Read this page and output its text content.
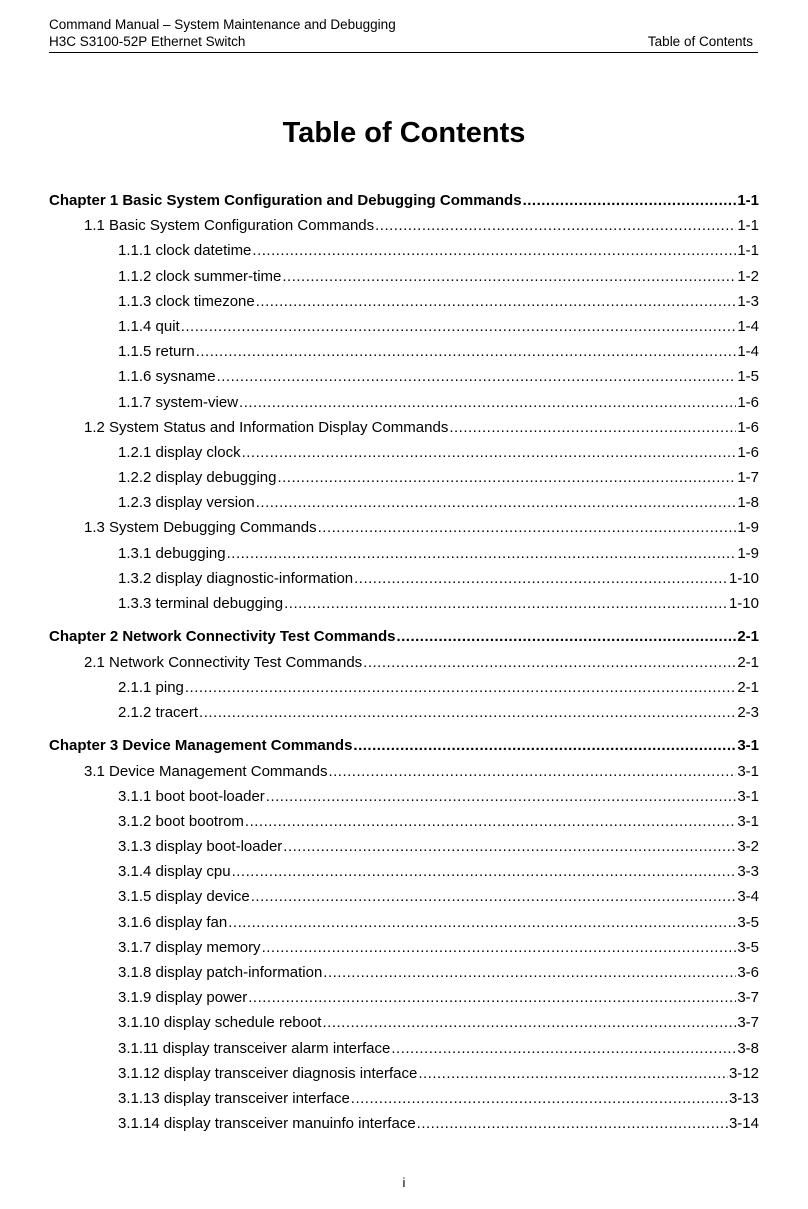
Command Manual – System Maintenance and Debugging
H3C S3100-52P Ethernet Switch	Table of Contents
Table of Contents
Chapter 1 Basic System Configuration and Debugging Commands .....	1-1
1.1 Basic System Configuration Commands .....	1-1
1.1.1 clock datetime .....	1-1
1.1.2 clock summer-time .....	1-2
1.1.3 clock timezone .....	1-3
1.1.4 quit .....	1-4
1.1.5 return .....	1-4
1.1.6 sysname .....	1-5
1.1.7 system-view .....	1-6
1.2 System Status and Information Display Commands .....	1-6
1.2.1 display clock .....	1-6
1.2.2 display debugging .....	1-7
1.2.3 display version .....	1-8
1.3 System Debugging Commands .....	1-9
1.3.1 debugging .....	1-9
1.3.2 display diagnostic-information .....	1-10
1.3.3 terminal debugging .....	1-10
Chapter 2 Network Connectivity Test Commands .....	2-1
2.1 Network Connectivity Test Commands .....	2-1
2.1.1 ping .....	2-1
2.1.2 tracert .....	2-3
Chapter 3 Device Management Commands .....	3-1
3.1 Device Management Commands .....	3-1
3.1.1 boot boot-loader .....	3-1
3.1.2 boot bootrom .....	3-1
3.1.3 display boot-loader .....	3-2
3.1.4 display cpu .....	3-3
3.1.5 display device .....	3-4
3.1.6 display fan .....	3-5
3.1.7 display memory .....	3-5
3.1.8 display patch-information .....	3-6
3.1.9 display power .....	3-7
3.1.10 display schedule reboot .....	3-7
3.1.11 display transceiver alarm interface .....	3-8
3.1.12 display transceiver diagnosis interface .....	3-12
3.1.13 display transceiver interface .....	3-13
3.1.14 display transceiver manuinfo interface .....	3-14
i
